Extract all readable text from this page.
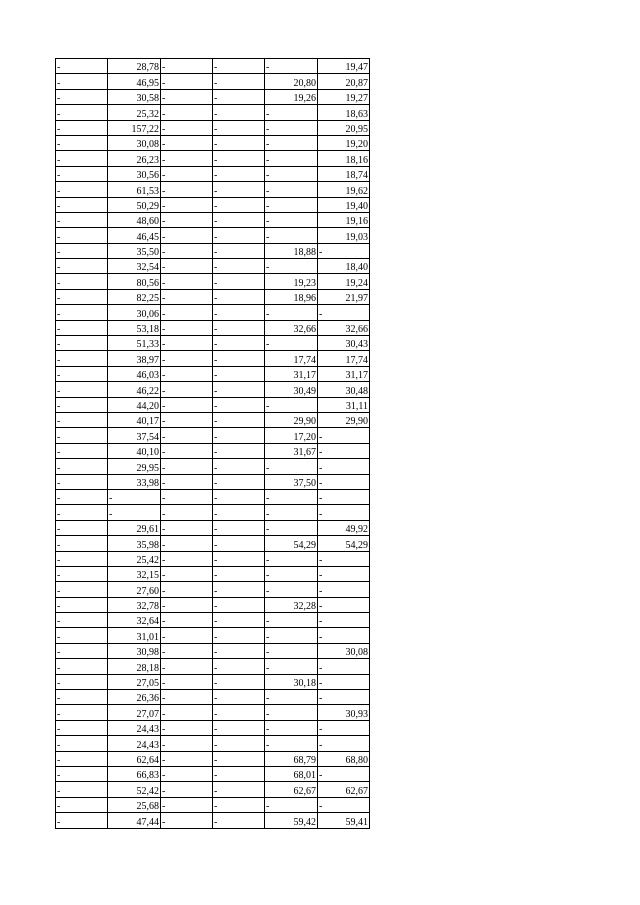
-	28,78	-	-	-	19,47
-	46,95	-	-	20,80	20,87
-	30,58	-	-	19,26	19,27
-	25,32	-	-	-	18,63
-	157,22	-	-	-	20,95
-	30,08	-	-	-	19,20
-	26,23	-	-	-	18,16
-	30,56	-	-	-	18,74
-	61,53	-	-	-	19,62
-	50,29	-	-	-	19,40
-	48,60	-	-	-	19,16
-	46,45	-	-	-	19,03
-	35,50	-	-	18,88	-
-	32,54	-	-	-	18,40
-	80,56	-	-	19,23	19,24
-	82,25	-	-	18,96	21,97
-	30,06	-	-	-	-
-	53,18	-	-	32,66	32,66
-	51,33	-	-	-	30,43
-	38,97	-	-	17,74	17,74
-	46,03	-	-	31,17	31,17
-	46,22	-	-	30,49	30,48
-	44,20	-	-	-	31,11
-	40,17	-	-	29,90	29,90
-	37,54	-	-	17,20	-
-	40,10	-	-	31,67	-
-	29,95	-	-	-	-
-	33,98	-	-	37,50	-
-	-	-	-	-	-
-	-	-	-	-	-
-	29,61	-	-	-	49,92
-	35,98	-	-	54,29	54,29
-	25,42	-	-	-	-
-	32,15	-	-	-	-
-	27,60	-	-	-	-
-	32,78	-	-	32,28	-
-	32,64	-	-	-	-
-	31,01	-	-	-	-
-	30,98	-	-	-	30,08
-	28,18	-	-	-	-
-	27,05	-	-	30,18	-
-	26,36	-	-	-	-
-	27,07	-	-	-	30,93
-	24,43	-	-	-	-
-	24,43	-	-	-	-
-	62,64	-	-	68,79	68,80
-	66,83	-	-	68,01	-
-	52,42	-	-	62,67	62,67
-	25,68	-	-	-	-
-	47,44	-	-	59,42	59,41
